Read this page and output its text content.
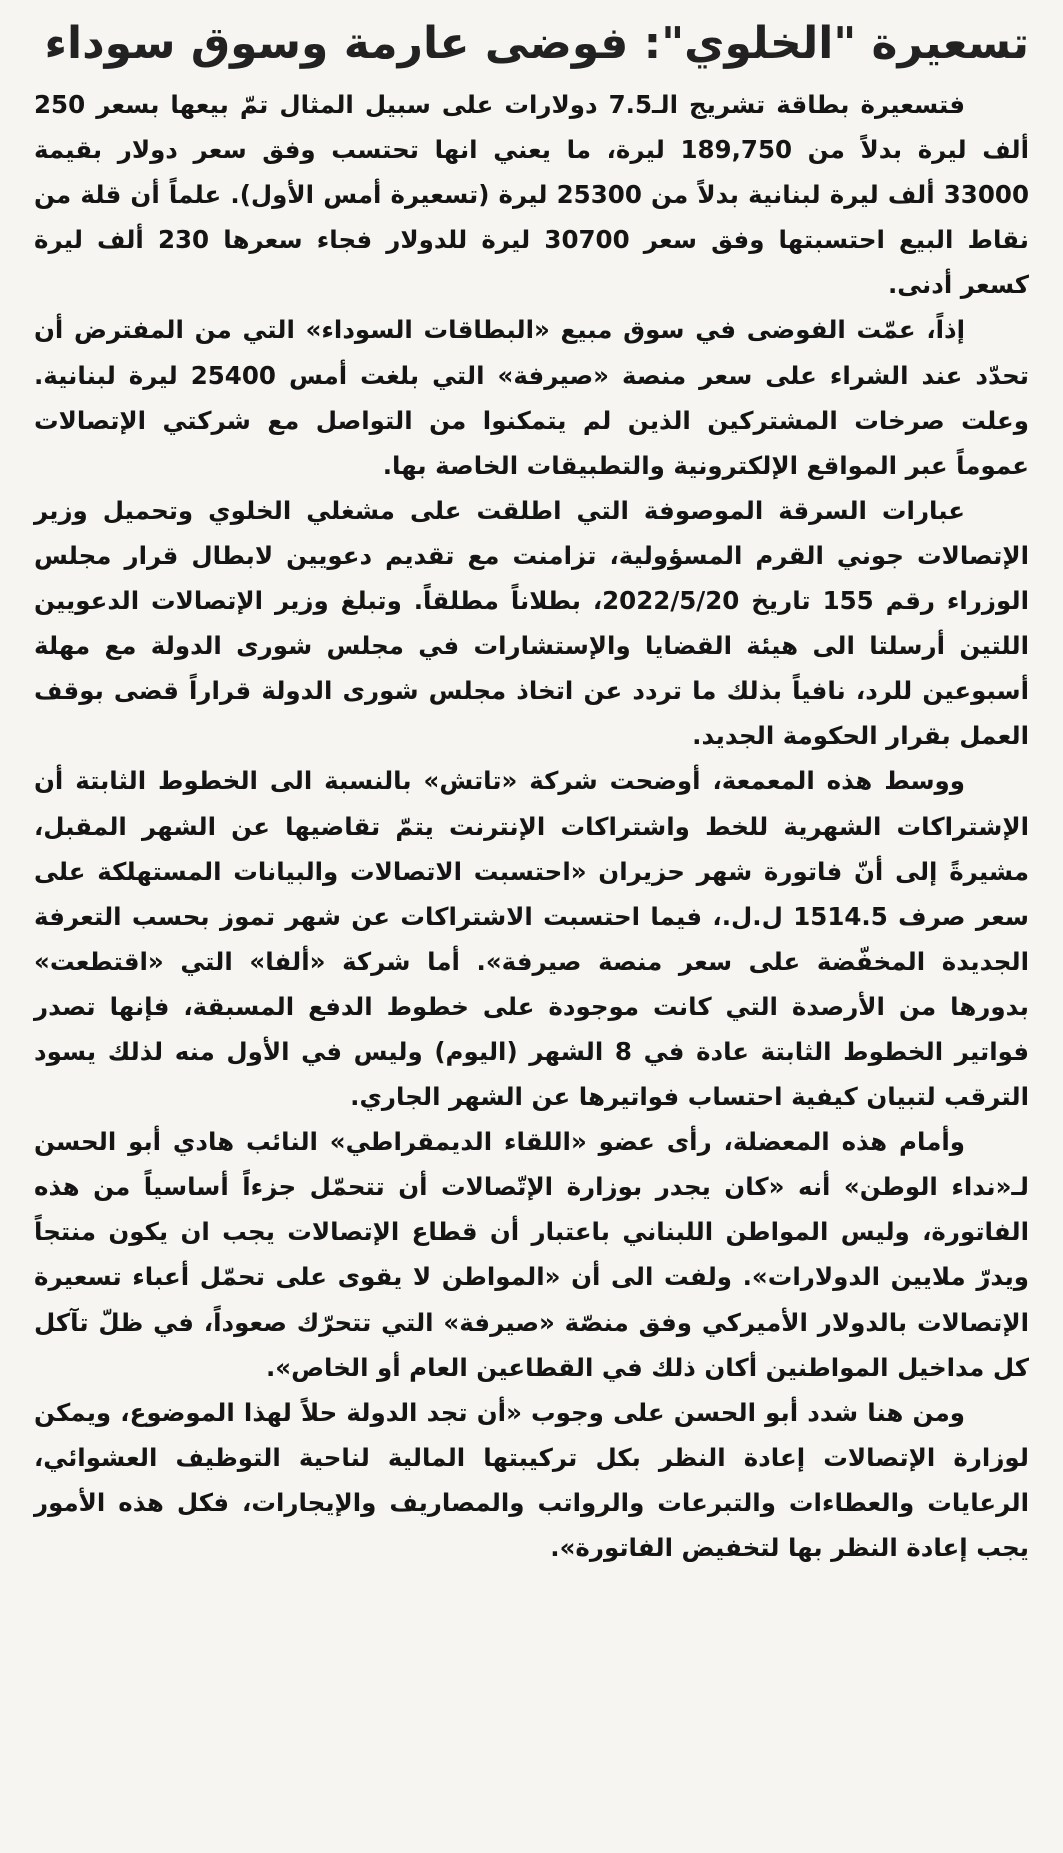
تسعيرة "الخلوي": فوضى عارمة وسوق سوداء

فتسعيرة بطاقة تشريج الـ7.5 دولارات على سبيل المثال تمّ بيعها بسعر 250 ألف ليرة بدلاً من 189,750 ليرة، ما يعني انها تحتسب وفق سعر دولار بقيمة 33000 ألف ليرة لبنانية بدلاً من 25300 ليرة (تسعيرة أمس الأول). علماً أن قلة من نقاط البيع احتسبتها وفق سعر 30700 ليرة للدولار فجاء سعرها 230 ألف ليرة كسعر أدنى.

إذاً، عمّت الفوضى في سوق مبيع «البطاقات السوداء» التي من المفترض أن تحدّد عند الشراء على سعر منصة «صيرفة» التي بلغت أمس 25400 ليرة لبنانية. وعلت صرخات المشتركين الذين لم يتمكنوا من التواصل مع شركتي الإتصالات عموماً عبر المواقع الإلكترونية والتطبيقات الخاصة بها.

عبارات السرقة الموصوفة التي اطلقت على مشغلي الخلوي وتحميل وزير الإتصالات جوني القرم المسؤولية، تزامنت مع تقديم دعويين لابطال قرار مجلس الوزراء رقم 155 تاريخ 2022/5/20، بطلاناً مطلقاً. وتبلغ وزير الإتصالات الدعويين اللتين أرسلتا الى هيئة القضايا والإستشارات في مجلس شورى الدولة مع مهلة أسبوعين للرد، نافياً بذلك ما تردد عن اتخاذ مجلس شورى الدولة قراراً قضى بوقف العمل بقرار الحكومة الجديد.

ووسط هذه المعمعة، أوضحت شركة «تاتش» بالنسبة الى الخطوط الثابتة أن الإشتراكات الشهرية للخط واشتراكات الإنترنت يتمّ تقاضيها عن الشهر المقبل، مشيرةً إلى أنّ فاتورة شهر حزيران «احتسبت الاتصالات والبيانات المستهلكة على سعر صرف 1514.5 ل.ل.، فيما احتسبت الاشتراكات عن شهر تموز بحسب التعرفة الجديدة المخفّضة على سعر منصة صيرفة». أما شركة «ألفا» التي «اقتطعت» بدورها من الأرصدة التي كانت موجودة على خطوط الدفع المسبقة، فإنها تصدر فواتير الخطوط الثابتة عادة في 8 الشهر (اليوم) وليس في الأول منه لذلك يسود الترقب لتبيان كيفية احتساب فواتيرها عن الشهر الجاري.

وأمام هذه المعضلة، رأى عضو «اللقاء الديمقراطي» النائب هادي أبو الحسن لـ«نداء الوطن» أنه «كان يجدر بوزارة الإتّصالات أن تتحمّل جزءاً أساسياً من هذه الفاتورة، وليس المواطن اللبناني باعتبار أن قطاع الإتصالات يجب ان يكون منتجاً ويدرّ ملايين الدولارات». ولفت الى أن «المواطن لا يقوى على تحمّل أعباء تسعيرة الإتصالات بالدولار الأميركي وفق منصّة «صيرفة» التي تتحرّك صعوداً، في ظلّ تآكل كل مداخيل المواطنين أكان ذلك في القطاعين العام أو الخاص».

ومن هنا شدد أبو الحسن على وجوب «أن تجد الدولة حلاً لهذا الموضوع، ويمكن لوزارة الإتصالات إعادة النظر بكل تركيبتها المالية لناحية التوظيف العشوائي، الرعايات والعطاءات والتبرعات والرواتب والمصاريف والإيجارات، فكل هذه الأمور يجب إعادة النظر بها لتخفيض الفاتورة».
